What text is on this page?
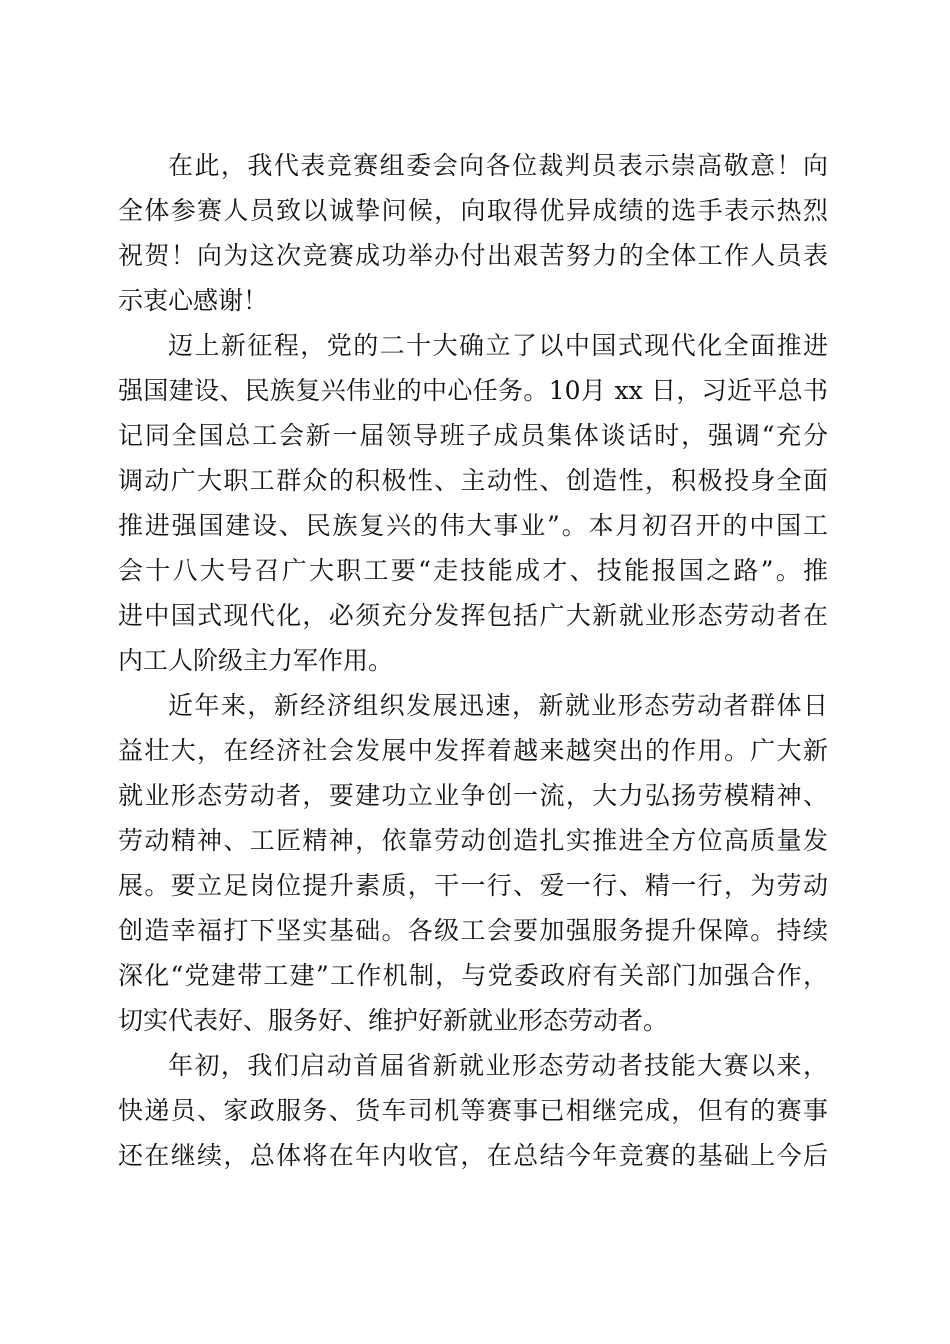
在此，我代表竞赛组委会向各位裁判员表示崇高敬意！向
全体参赛人员致以诚挚问候，向取得优异成绩的选手表示热烈
祝贺！向为这次竞赛成功举办付出艰苦努力的全体工作人员表
示衷心感谢！
迈上新征程，党的二十大确立了以中国式现代化全面推进
强国建设、民族复兴伟业的中心任务。10月 xx 日，习近平总书
记同全国总工会新一届领导班子成员集体谈话时，强调“充分
调动广大职工群众的积极性、主动性、创造性，积极投身全面
推进强国建设、民族复兴的伟大事业”。本月初召开的中国工
会十八大号召广大职工要“走技能成才、技能报国之路”。推
进中国式现代化，必须充分发挥包括广大新就业形态劳动者在
内工人阶级主力军作用。
近年来，新经济组织发展迅速，新就业形态劳动者群体日
益壮大，在经济社会发展中发挥着越来越突出的作用。广大新
就业形态劳动者，要建功立业争创一流，大力弘扬劳模精神、
劳动精神、工匠精神，依靠劳动创造扎实推进全方位高质量发
展。要立足岗位提升素质，干一行、爱一行、精一行，为劳动
创造幸福打下坚实基础。各级工会要加强服务提升保障。持续
深化“党建带工建”工作机制，与党委政府有关部门加强合作，
切实代表好、服务好、维护好新就业形态劳动者。
年初，我们启动首届省新就业形态劳动者技能大赛以来，
快递员、家政服务、货车司机等赛事已相继完成，但有的赛事
还在继续，总体将在年内收官，在总结今年竞赛的基础上今后
